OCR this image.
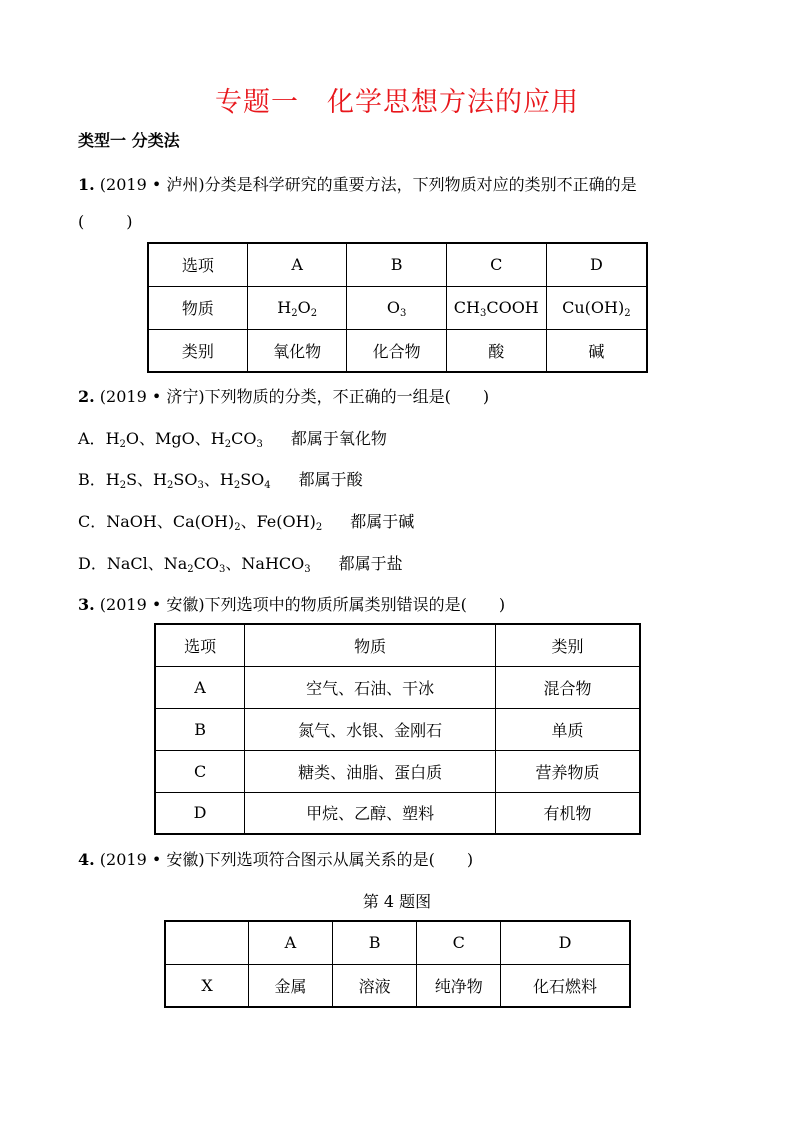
专题一　化学思想方法的应用
类型一 分类法
1. (2019 • 泸州)分类是科学研究的重要方法，下列物质对应的类别不正确的是
(	)
选项	A	B	C	D
物质	$H_2O_2$	$O_3$	$CH_3COOH$	$Cu(OH)_2$
类别	氧化物	化合物	酸	碱
2. (2019 • 济宁)下列物质的分类，不正确的一组是(　　)
A．$H_2O$、MgO、$H_2CO_3$ 都属于氧化物
B．$H_2S$、$H_2SO_3$、$H_2SO_4$ 都属于酸
C．NaOH、$Ca(OH)_2$、$Fe(OH)_2$ 都属于碱
D．NaCl、$Na_2CO_3$、NaHCO$_3$ 都属于盐
3. (2019 • 安徽)下列选项中的物质所属类别错误的是(　　)
选项	物质	类别
A	空气、石油、干冰	混合物
B	氮气、水银、金刚石	单质
C	糖类、油脂、蛋白质	营养物质
D	甲烷、乙醇、塑料	有机物
4. (2019 • 安徽)下列选项符合图示从属关系的是(　　)
第 4 题图
	A	B	C	D
X	金属	溶液	纯净物	化石燃料
